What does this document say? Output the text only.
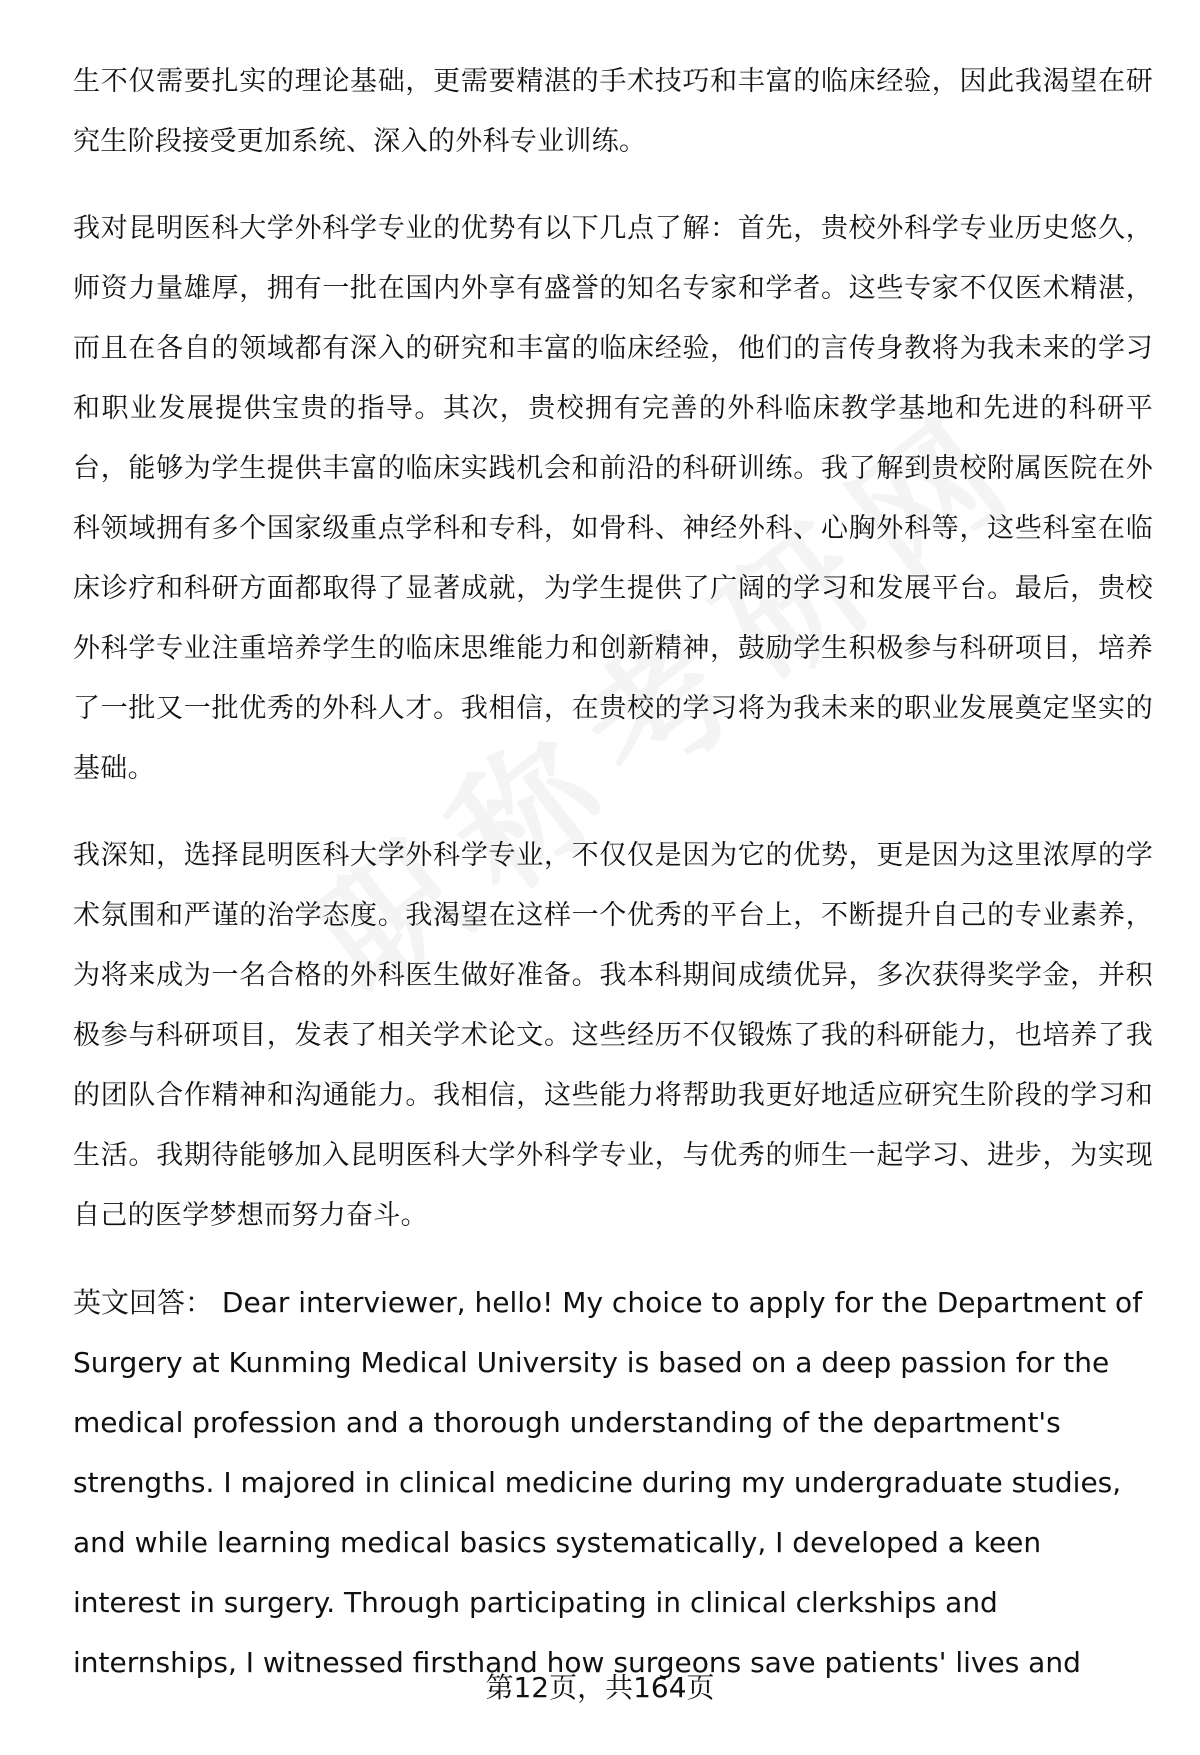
生不仅需要扎实的理论基础，更需要精湛的手术技巧和丰富的临床经验，因此我渴望在研究生阶段接受更加系统、深入的外科专业训练。

我对昆明医科大学外科学专业的优势有以下几点了解：首先，贵校外科学专业历史悠久，师资力量雄厚，拥有一批在国内外享有盛誉的知名专家和学者。这些专家不仅医术精湛，而且在各自的领域都有深入的研究和丰富的临床经验，他们的言传身教将为我未来的学习和职业发展提供宝贵的指导。其次，贵校拥有完善的外科临床教学基地和先进的科研平台，能够为学生提供丰富的临床实践机会和前沿的科研训练。我了解到贵校附属医院在外科领域拥有多个国家级重点学科和专科，如骨科、神经外科、心胸外科等，这些科室在临床诊疗和科研方面都取得了显著成就，为学生提供了广阔的学习和发展平台。最后，贵校外科学专业注重培养学生的临床思维能力和创新精神，鼓励学生积极参与科研项目，培养了一批又一批优秀的外科人才。我相信，在贵校的学习将为我未来的职业发展奠定坚实的基础。

我深知，选择昆明医科大学外科学专业，不仅仅是因为它的优势，更是因为这里浓厚的学术氛围和严谨的治学态度。我渴望在这样一个优秀的平台上，不断提升自己的专业素养，为将来成为一名合格的外科医生做好准备。我本科期间成绩优异，多次获得奖学金，并积极参与科研项目，发表了相关学术论文。这些经历不仅锻炼了我的科研能力，也培养了我的团队合作精神和沟通能力。我相信，这些能力将帮助我更好地适应研究生阶段的学习和生活。我期待能够加入昆明医科大学外科学专业，与优秀的师生一起学习、进步，为实现自己的医学梦想而努力奋斗。

英文回答： Dear interviewer, hello! My choice to apply for the Department of Surgery at Kunming Medical University is based on a deep passion for the medical profession and a thorough understanding of the department's strengths. I majored in clinical medicine during my undergraduate studies, and while learning medical basics systematically, I developed a keen interest in surgery. Through participating in clinical clerkships and internships, I witnessed firsthand how surgeons save patients' lives and

第12页，共164页
